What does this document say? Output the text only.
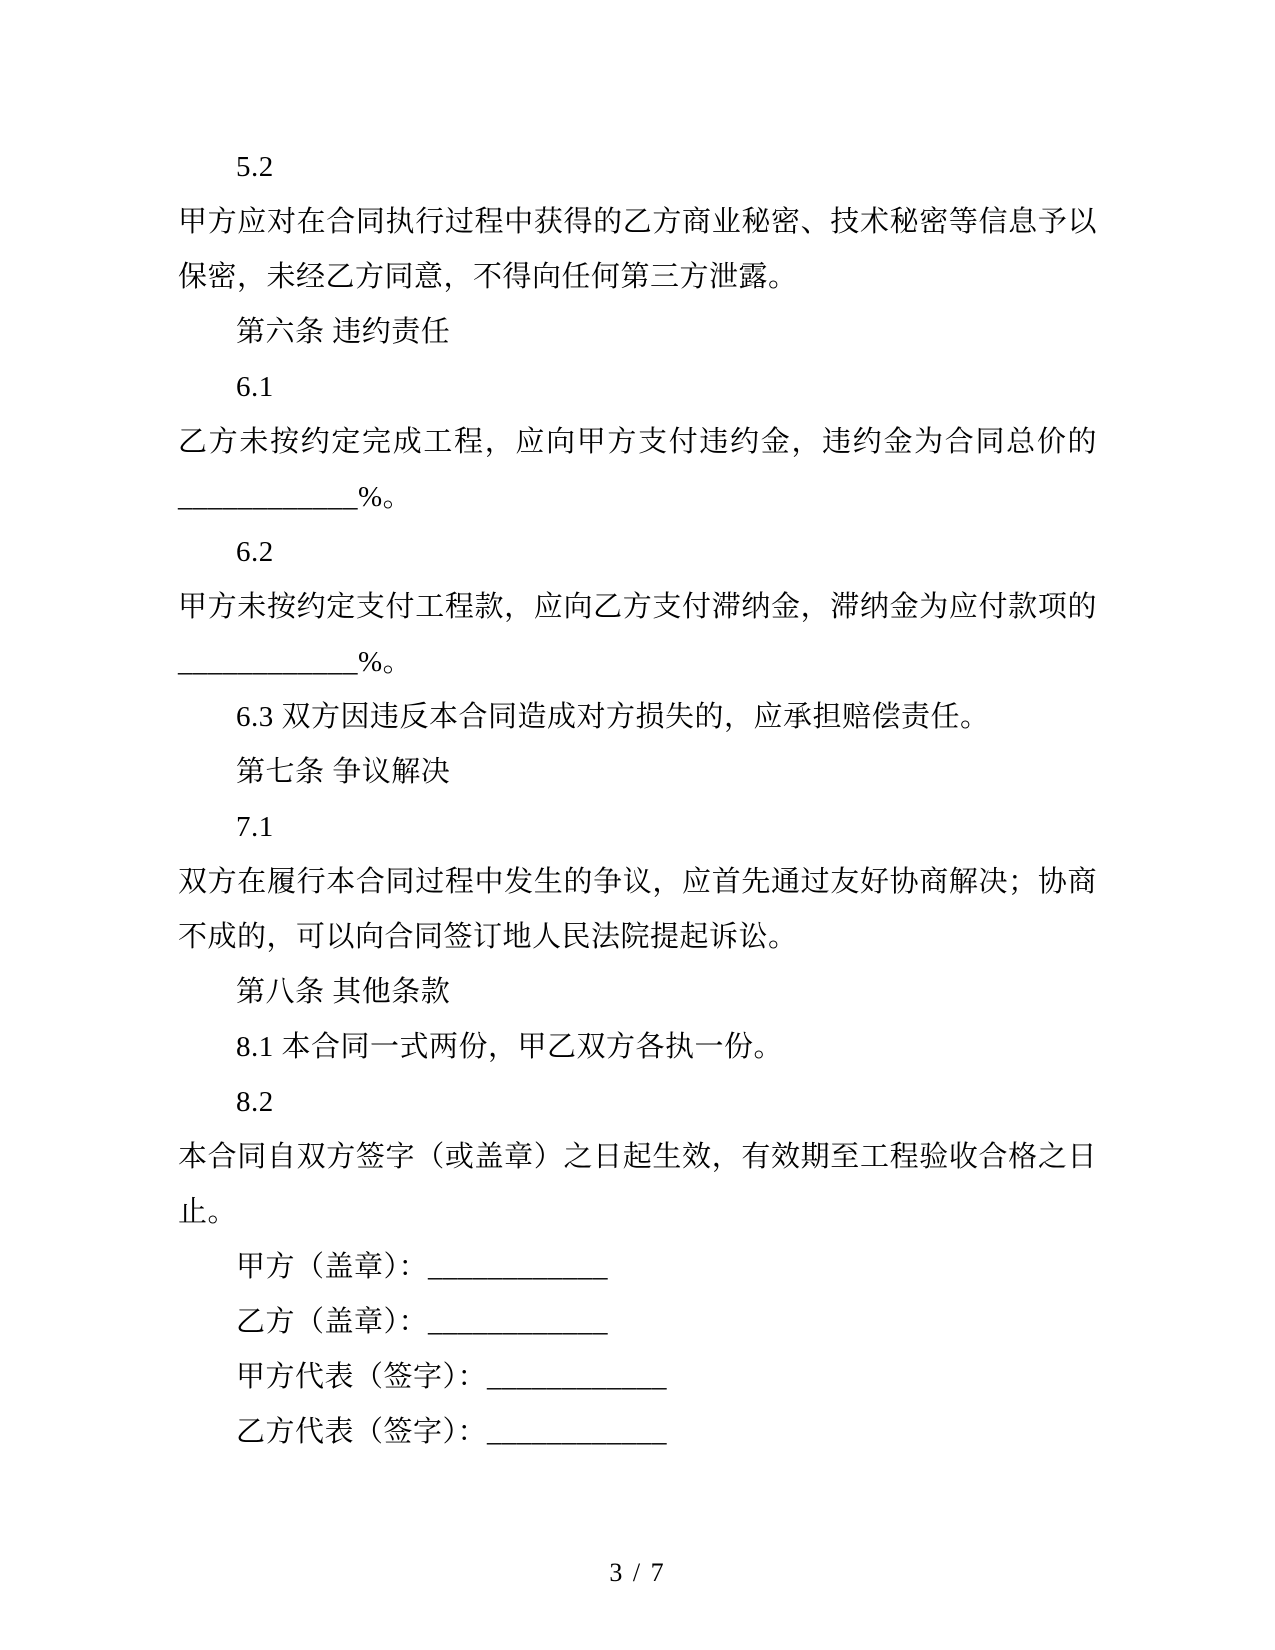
5.2

甲方应对在合同执行过程中获得的乙方商业秘密、技术秘密等信息予以保密，未经乙方同意，不得向任何第三方泄露。

第六条 违约责任

6.1

乙方未按约定完成工程，应向甲方支付违约金，违约金为合同总价的____________%。

6.2

甲方未按约定支付工程款，应向乙方支付滞纳金，滞纳金为应付款项的____________%。

6.3 双方因违反本合同造成对方损失的，应承担赔偿责任。

第七条 争议解决

7.1

双方在履行本合同过程中发生的争议，应首先通过友好协商解决；协商不成的，可以向合同签订地人民法院提起诉讼。

第八条 其他条款

8.1 本合同一式两份，甲乙双方各执一份。

8.2

本合同自双方签字（或盖章）之日起生效，有效期至工程验收合格之日止。

甲方（盖章）：____________

乙方（盖章）：____________

甲方代表（签字）：____________

乙方代表（签字）：____________

3 / 7
